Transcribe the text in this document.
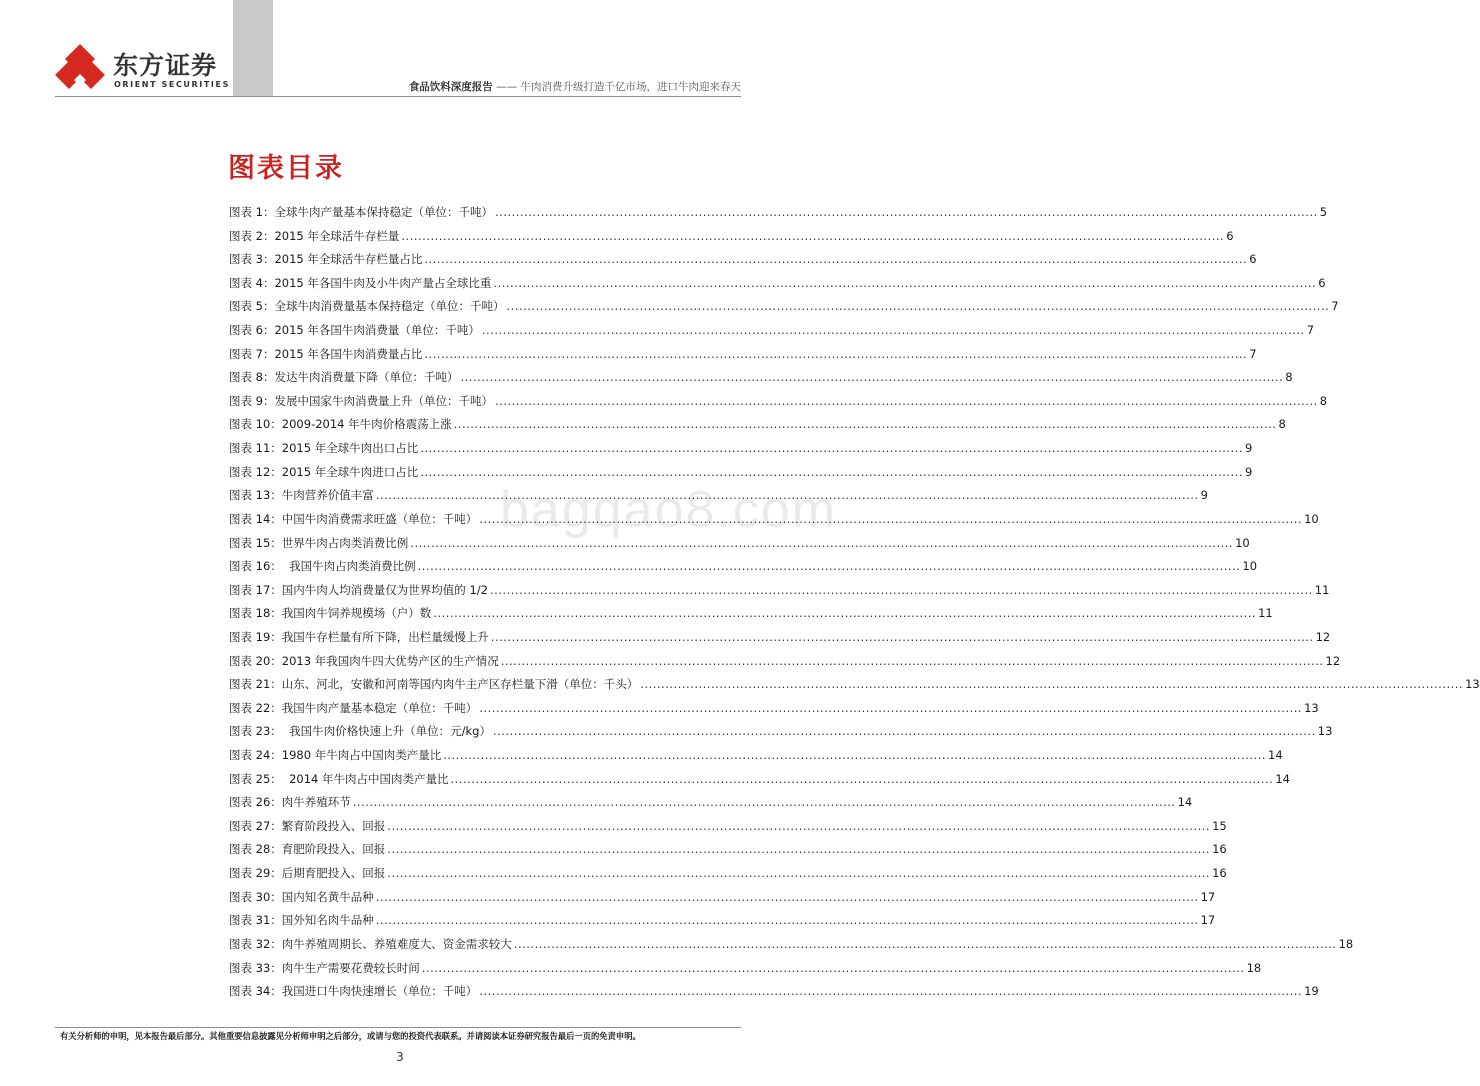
东方证券
ORIENT SECURITIES	食品饮料深度报告 —— 牛肉消费升级打造千亿市场，进口牛肉迎来春天
图表目录
bagqao8.com
图表 1： 全球牛肉产量基本保持稳定（单位：千吨） .....	5
图表 2： 2015 年全球活牛存栏量 .....	6
图表 3： 2015 年全球活牛存栏量占比 .....	6
图表 4： 2015 年各国牛肉及小牛肉产量占全球比重 .....	6
图表 5： 全球牛肉消费量基本保持稳定（单位：千吨） .....	7
图表 6： 2015 年各国牛肉消费量（单位：千吨） .....	7
图表 7： 2015 年各国牛肉消费量占比 .....	7
图表 8： 发达牛肉消费量下降（单位：千吨） .....	8
图表 9： 发展中国家牛肉消费量上升（单位：千吨） .....	8
图表 10： 2009-2014 年牛肉价格震荡上涨 .....	8
图表 11： 2015 年全球牛肉出口占比 .....	9
图表 12： 2015 年全球牛肉进口占比 .....	9
图表 13： 牛肉营养价值丰富 .....	9
图表 14： 中国牛肉消费需求旺盛（单位：千吨） .....	10
图表 15： 世界牛肉占肉类消费比例 .....	10
图表 16： 我国牛肉占肉类消费比例 .....	10
图表 17： 国内牛肉人均消费量仅为世界均值的 1/2 .....	11
图表 18： 我国肉牛饲养规模场（户）数 .....	11
图表 19： 我国牛存栏量有所下降，出栏量缓慢上升 .....	12
图表 20： 2013 年我国肉牛四大优势产区的生产情况 .....	12
图表 21： 山东、河北，安徽和河南等国内肉牛主产区存栏量下滑（单位：千头） .....	13
图表 22： 我国牛肉产量基本稳定（单位：千吨） .....	13
图表 23： 我国牛肉价格快速上升（单位：元/kg） .....	13
图表 24： 1980 年牛肉占中国肉类产量比 .....	14
图表 25： 2014 年牛肉占中国肉类产量比 .....	14
图表 26： 肉牛养殖环节 .....	14
图表 27： 繁育阶段投入、回报 .....	15
图表 28： 育肥阶段投入、回报 .....	16
图表 29： 后期育肥投入、回报 .....	16
图表 30： 国内知名黄牛品种 .....	17
图表 31： 国外知名肉牛品种 .....	17
图表 32： 肉牛养殖周期长、养殖难度大、资金需求较大 .....	18
图表 33： 肉牛生产需要花费较长时间 .....	18
图表 34： 我国进口牛肉快速增长（单位：千吨） .....	19
有关分析师的申明，见本报告最后部分。其他重要信息披露见分析师申明之后部分，或请与您的投资代表联系。并请阅读本证券研究报告最后一页的免责申明。
3
